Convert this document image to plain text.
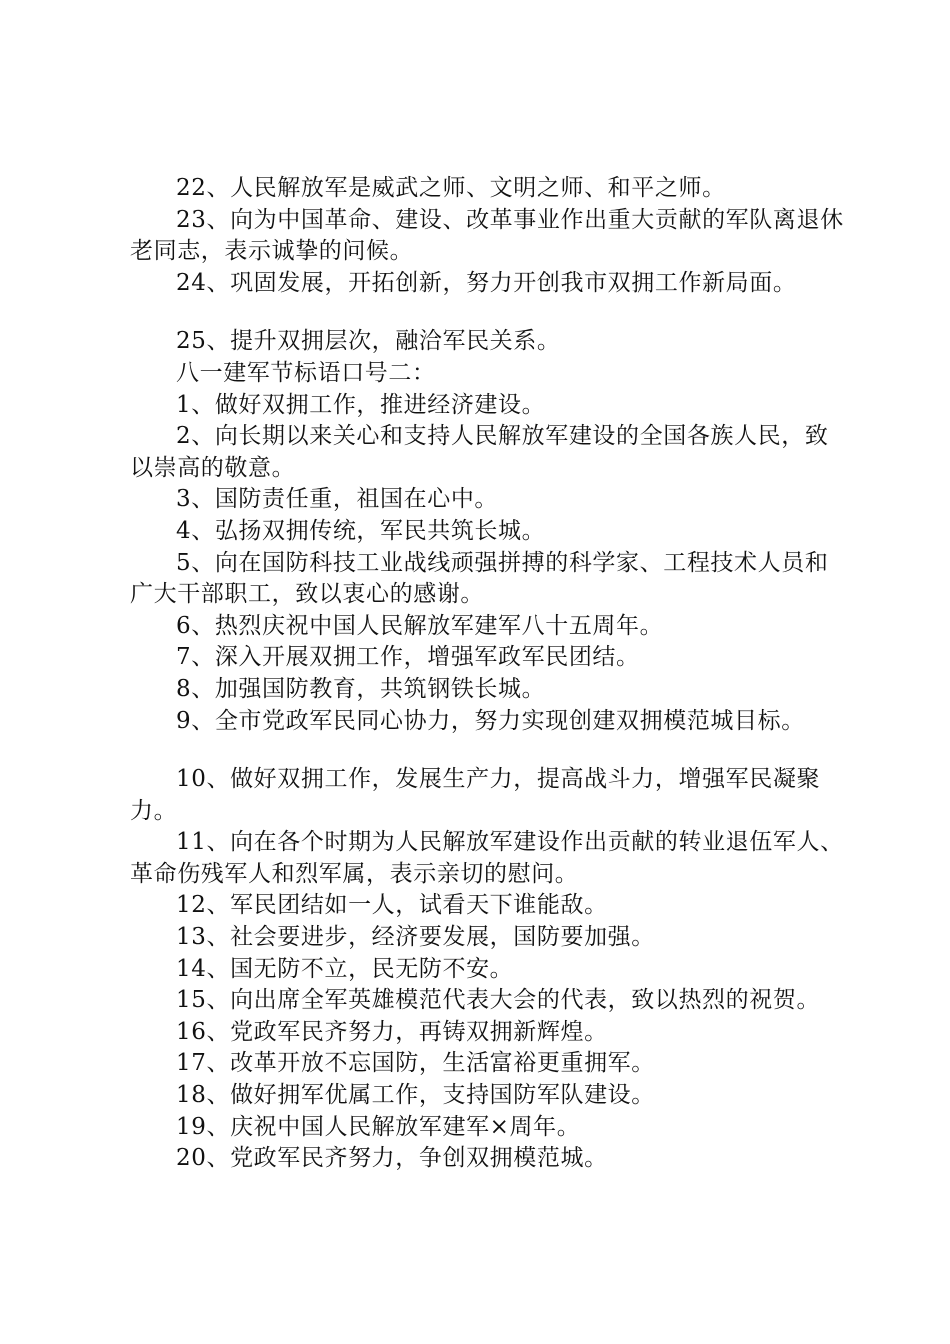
22、人民解放军是威武之师、文明之师、和平之师。

23、向为中国革命、建设、改革事业作出重大贡献的军队离退休老同志，表示诚挚的问候。

24、巩固发展，开拓创新，努力开创我市双拥工作新局面。

25、提升双拥层次，融洽军民关系。

八一建军节标语口号二：

1、做好双拥工作，推进经济建设。

2、向长期以来关心和支持人民解放军建设的全国各族人民，致以崇高的敬意。

3、国防责任重，祖国在心中。

4、弘扬双拥传统，军民共筑长城。

5、向在国防科技工业战线顽强拼搏的科学家、工程技术人员和广大干部职工，致以衷心的感谢。

6、热烈庆祝中国人民解放军建军八十五周年。

7、深入开展双拥工作，增强军政军民团结。

8、加强国防教育，共筑钢铁长城。

9、全市党政军民同心协力，努力实现创建双拥模范城目标。

10、做好双拥工作，发展生产力，提高战斗力，增强军民凝聚力。

11、向在各个时期为人民解放军建设作出贡献的转业退伍军人、革命伤残军人和烈军属，表示亲切的慰问。

12、军民团结如一人，试看天下谁能敌。

13、社会要进步，经济要发展，国防要加强。

14、国无防不立，民无防不安。

15、向出席全军英雄模范代表大会的代表，致以热烈的祝贺。

16、党政军民齐努力，再铸双拥新辉煌。

17、改革开放不忘国防，生活富裕更重拥军。

18、做好拥军优属工作，支持国防军队建设。

19、庆祝中国人民解放军建军×周年。

20、党政军民齐努力，争创双拥模范城。
